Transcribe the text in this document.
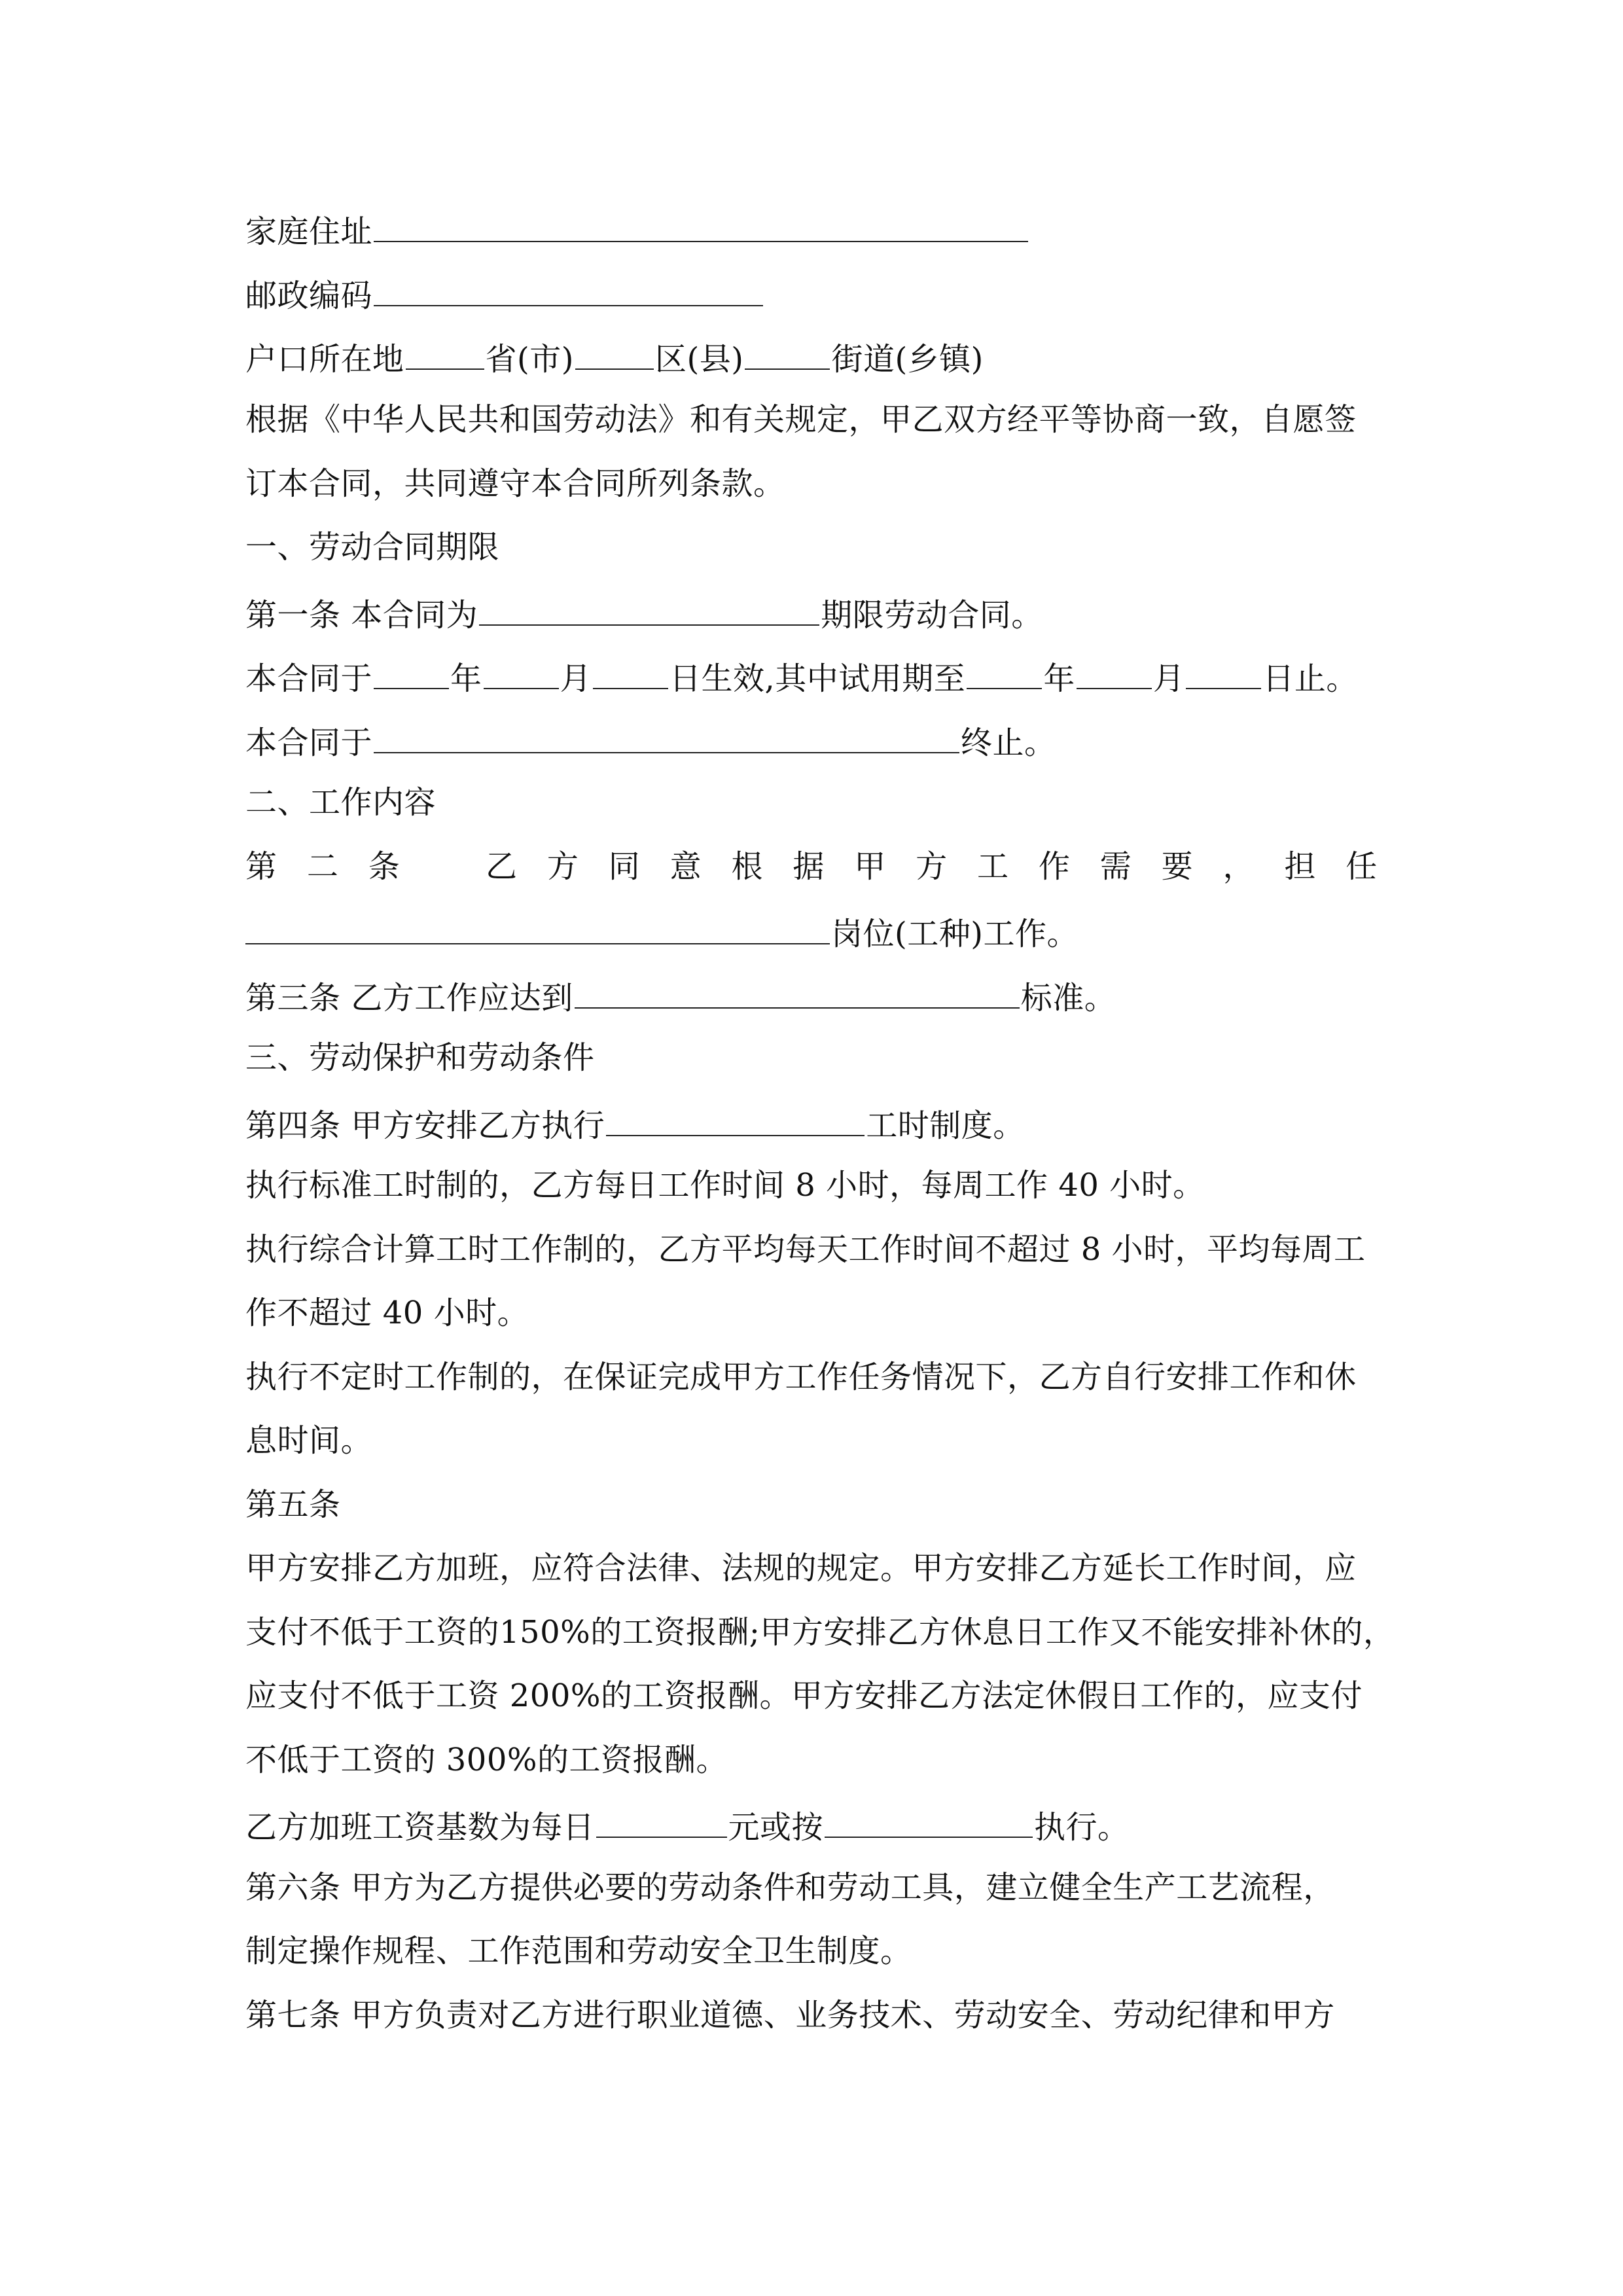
家庭住址
邮政编码
户口所在地	省(市)	区(县)	街道(乡镇)
根据《中华人民共和国劳动法》和有关规定，甲乙双方经平等协商一致，自愿签
订本合同，共同遵守本合同所列条款。
一、劳动合同期限
第一条 本合同为	期限劳动合同。
本合同于 年 月 日生效,其中试用期至 年 月 日止。
本合同于	终止。
二、工作内容
第 二 条	乙 方 同 意 根 据 甲 方 工 作 需 要 ， 担 任
岗位(工种)工作。
第三条 乙方工作应达到	标准。
三、劳动保护和劳动条件
第四条 甲方安排乙方执行	工时制度。
执行标准工时制的，乙方每日工作时间 8 小时，每周工作 40 小时。
执行综合计算工时工作制的，乙方平均每天工作时间不超过 8 小时，平均每周工
作不超过 40 小时。
执行不定时工作制的，在保证完成甲方工作任务情况下，乙方自行安排工作和休
息时间。
第五条
甲方安排乙方加班，应符合法律、法规的规定。甲方安排乙方延长工作时间，应
支付不低于工资的150%的工资报酬;甲方安排乙方休息日工作又不能安排补休的，
应支付不低于工资 200%的工资报酬。甲方安排乙方法定休假日工作的，应支付
不低于工资的 300%的工资报酬。
乙方加班工资基数为每日	元或按	执行。
第六条 甲方为乙方提供必要的劳动条件和劳动工具，建立健全生产工艺流程，
制定操作规程、工作范围和劳动安全卫生制度。
第七条 甲方负责对乙方进行职业道德、业务技术、劳动安全、劳动纪律和甲方
